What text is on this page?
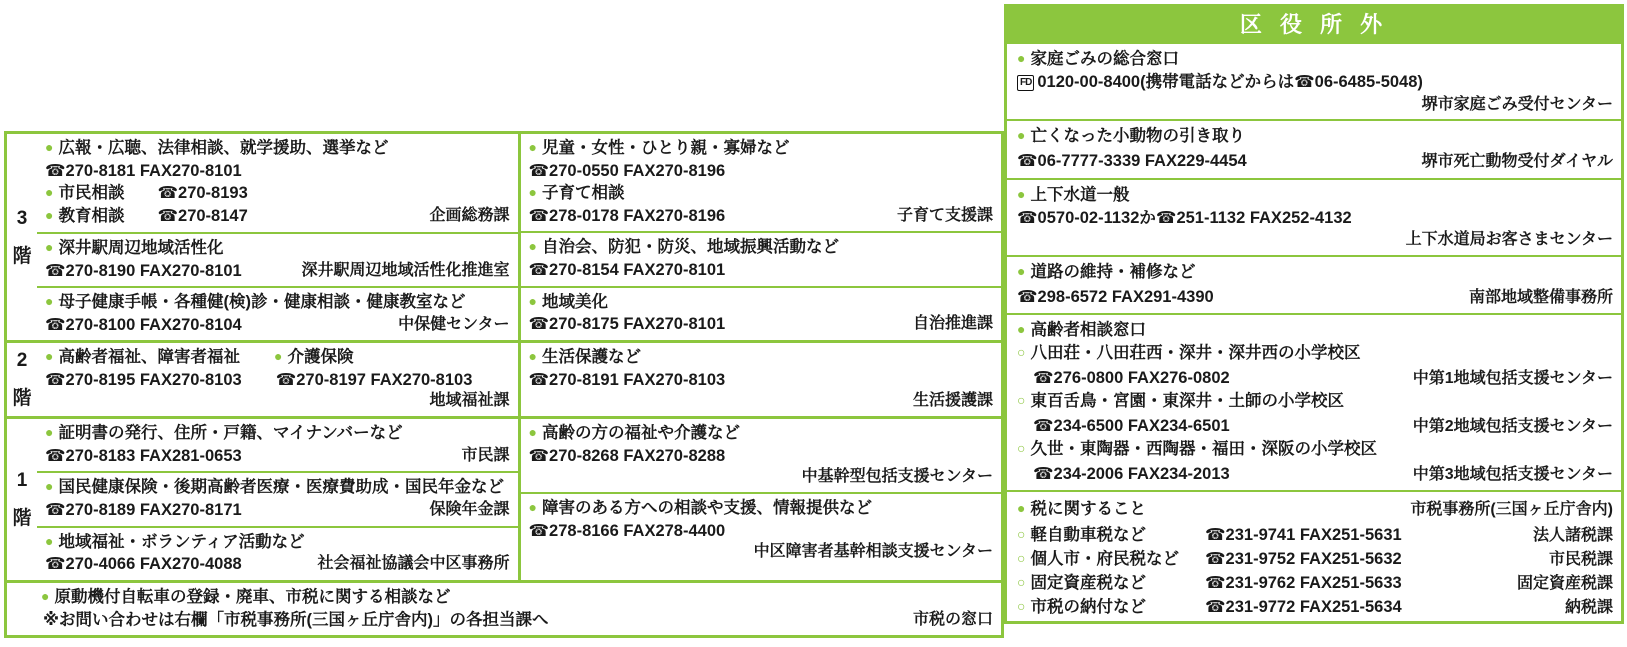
3

階
● 広報・広聴、法律相談、就学援助、選挙など
☎270-8181 FAX270-8101
● 市民相談　　☎270-8193
● 教育相談　　☎270-8147	企画総務課
● 深井駅周辺地域活性化
☎270-8190 FAX270-8101	深井駅周辺地域活性化推進室
● 母子健康手帳・各種健(検)診・健康相談・健康教室など
☎270-8100 FAX270-8104	中保健センター
● 児童・女性・ひとり親・寡婦など
☎270-0550 FAX270-8196
● 子育て相談
☎278-0178 FAX270-8196	子育て支援課
● 自治会、防犯・防災、地域振興活動など
☎270-8154 FAX270-8101
● 地域美化
☎270-8175 FAX270-8101	自治推進課
2

階
● 高齢者福祉、障害者福祉	● 介護保険
☎270-8195 FAX270-8103 ☎270-8197 FAX270-8103
地域福祉課
● 生活保護など
☎270-8191 FAX270-8103
生活援護課
1

階
● 証明書の発行、住所・戸籍、マイナンバーなど
☎270-8183 FAX281-0653	市民課
● 国民健康保険・後期高齢者医療・医療費助成・国民年金など
☎270-8189 FAX270-8171	保険年金課
● 地域福祉・ボランティア活動など
☎270-4066 FAX270-4088	社会福祉協議会中区事務所
● 高齢の方の福祉や介護など
☎270-8268 FAX270-8288
中基幹型包括支援センター
● 障害のある方への相談や支援、情報提供など
☎278-8166 FAX278-4400
中区障害者基幹相談支援センター
● 原動機付自転車の登録・廃車、市税に関する相談など
※お問い合わせは右欄「市税事務所(三国ヶ丘庁舎内)」の各担当課へ	市税の窓口
区 役 所 外
● 家庭ごみの総合窓口
FD 0120-00-8400(携帯電話などからは☎06-6485-5048)
堺市家庭ごみ受付センター
● 亡くなった小動物の引き取り
☎06-7777-3339 FAX229-4454	堺市死亡動物受付ダイヤル
● 上下水道一般
☎0570-02-1132か☎251-1132 FAX252-4132
上下水道局お客さまセンター
● 道路の維持・補修など
☎298-6572 FAX291-4390	南部地域整備事務所
● 高齢者相談窓口
○ 八田荘・八田荘西・深井・深井西の小学校区
☎276-0800 FAX276-0802	中第1地域包括支援センター
○ 東百舌鳥・宮園・東深井・土師の小学校区
☎234-6500 FAX234-6501	中第2地域包括支援センター
○ 久世・東陶器・西陶器・福田・深阪の小学校区
☎234-2006 FAX234-2013	中第3地域包括支援センター
● 税に関すること	市税事務所(三国ヶ丘庁舎内)
○ 軽自動車税など	☎231-9741 FAX251-5631	法人諸税課
○ 個人市・府民税など	☎231-9752 FAX251-5632	市民税課
○ 固定資産税など	☎231-9762 FAX251-5633	固定資産税課
○ 市税の納付など	☎231-9772 FAX251-5634	納税課
